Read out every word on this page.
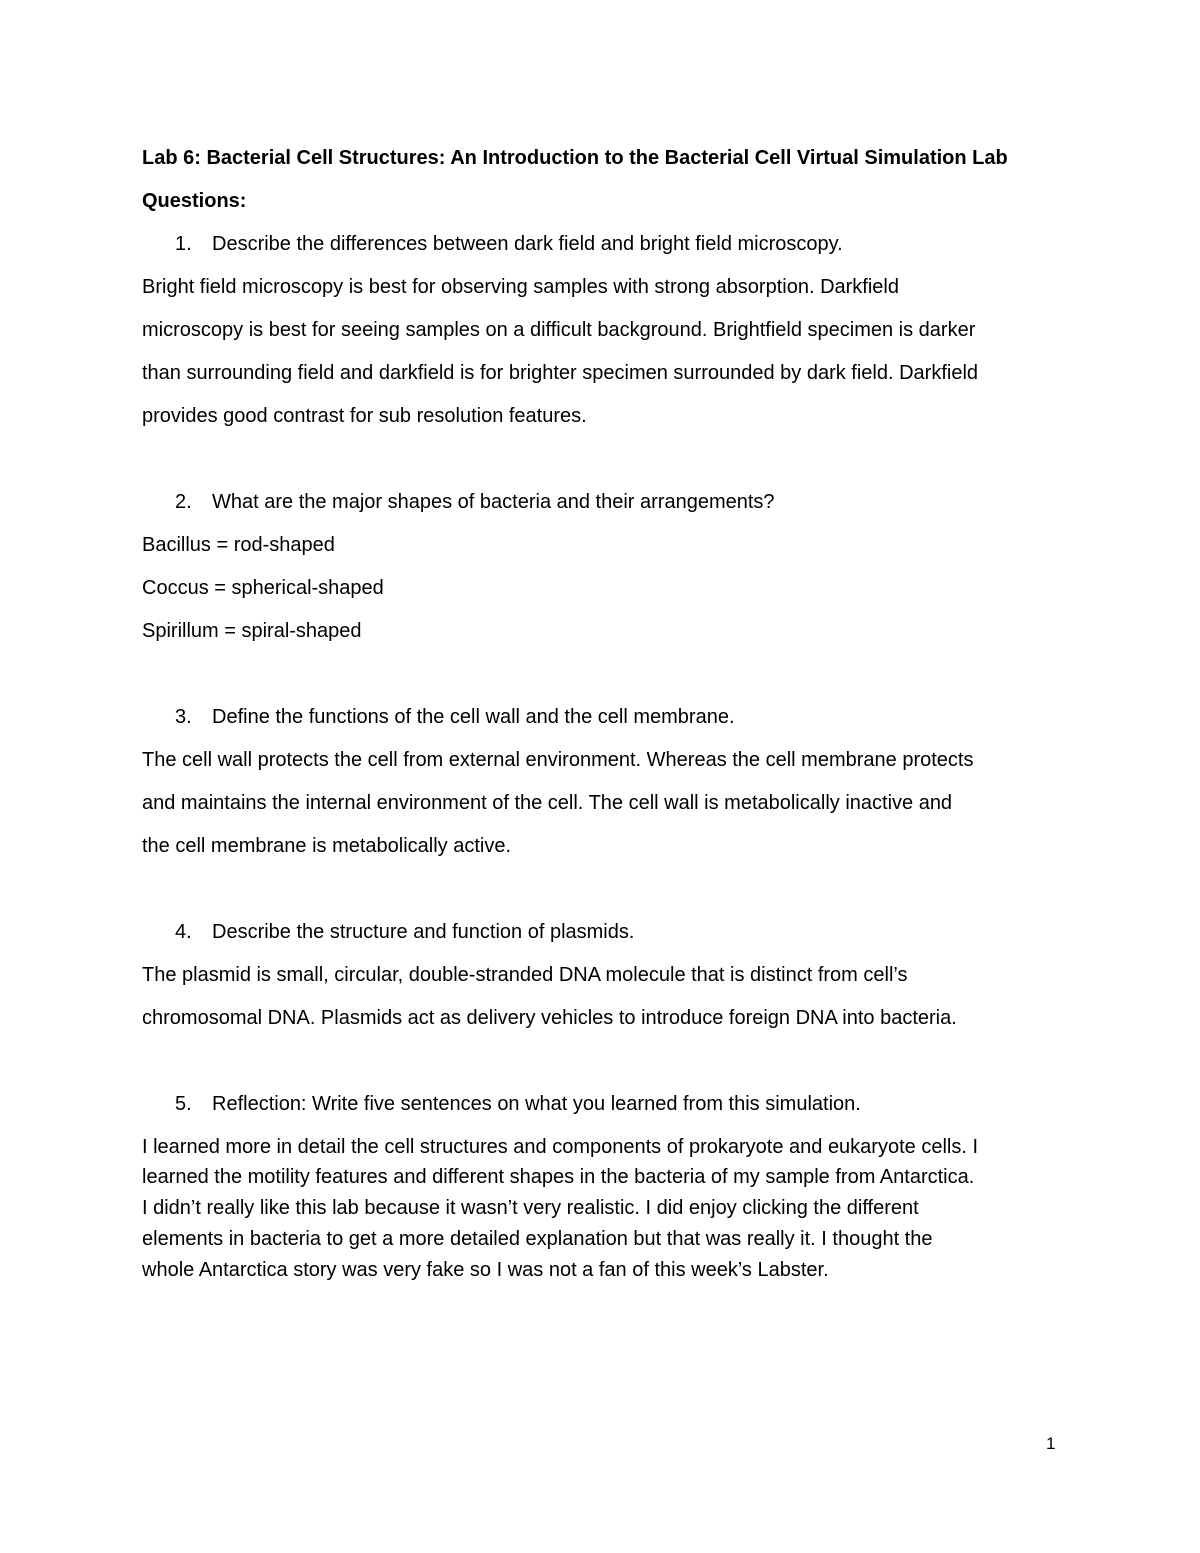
Lab 6: Bacterial Cell Structures: An Introduction to the Bacterial Cell Virtual Simulation Lab
Questions:
1. Describe the differences between dark field and bright field microscopy.
Bright field microscopy is best for observing samples with strong absorption. Darkfield
microscopy is best for seeing samples on a difficult background. Brightfield specimen is darker
than surrounding field and darkfield is for brighter specimen surrounded by dark field. Darkfield
provides good contrast for sub resolution features.
2. What are the major shapes of bacteria and their arrangements?
Bacillus = rod-shaped
Coccus = spherical-shaped
Spirillum = spiral-shaped
3. Define the functions of the cell wall and the cell membrane.
The cell wall protects the cell from external environment. Whereas the cell membrane protects
and maintains the internal environment of the cell. The cell wall is metabolically inactive and
the cell membrane is metabolically active.
4. Describe the structure and function of plasmids.
The plasmid is small, circular, double-stranded DNA molecule that is distinct from cell’s
chromosomal DNA. Plasmids act as delivery vehicles to introduce foreign DNA into bacteria.
5. Reflection: Write five sentences on what you learned from this simulation.
I learned more in detail the cell structures and components of prokaryote and eukaryote cells. I
learned the motility features and different shapes in the bacteria of my sample from Antarctica.
I didn’t really like this lab because it wasn’t very realistic. I did enjoy clicking the different
elements in bacteria to get a more detailed explanation but that was really it. I thought the
whole Antarctica story was very fake so I was not a fan of this week’s Labster.
1
